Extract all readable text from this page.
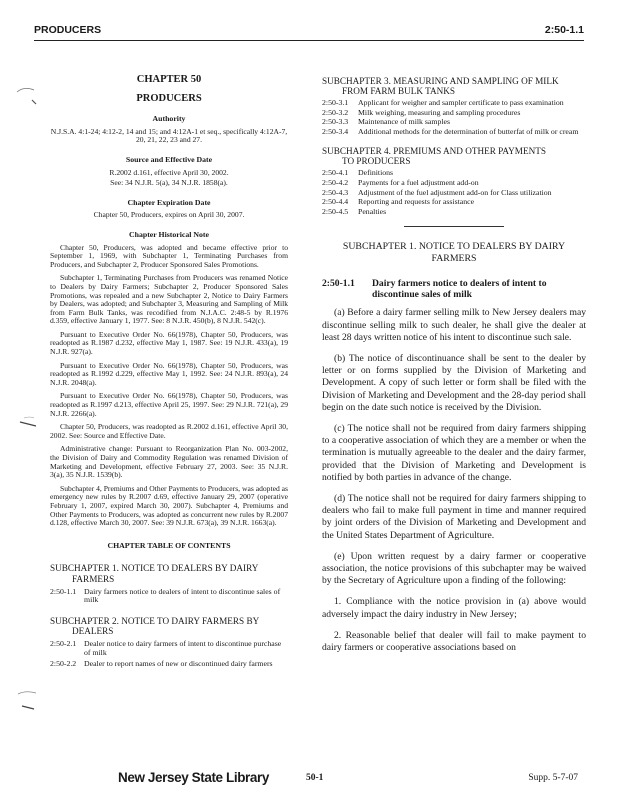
PRODUCERS	2:50-1.1
CHAPTER 50
PRODUCERS
Authority
N.J.S.A. 4:1-24; 4:12-2, 14 and 15; and 4:12A-1 et seq., specifically 4:12A-7, 20, 21, 22, 23 and 27.
Source and Effective Date
R.2002 d.161, effective April 30, 2002.
See: 34 N.J.R. 5(a), 34 N.J.R. 1858(a).
Chapter Expiration Date
Chapter 50, Producers, expires on April 30, 2007.
Chapter Historical Note

Chapter 50, Producers, was adopted and became effective prior to September 1, 1969, with Subchapter 1, Terminating Purchases from Producers, and Subchapter 2, Producer Sponsored Sales Promotions.

Subchapter 1, Terminating Purchases from Producers was renamed Notice to Dealers by Dairy Farmers; Subchapter 2, Producer Sponsored Sales Promotions, was repealed and a new Subchapter 2, Notice to Dairy Farmers by Dealers, was adopted; and Subchapter 3, Measuring and Sampling of Milk from Farm Bulk Tanks, was recodified from N.J.A.C. 2:48-5 by R.1976 d.359, effective January 1, 1977. See: 8 N.J.R. 450(b), 8 N.J.R. 542(c).

Pursuant to Executive Order No. 66(1978), Chapter 50, Producers, was readopted as R.1987 d.232, effective May 1, 1987. See: 19 N.J.R. 433(a), 19 N.J.R. 927(a).

Pursuant to Executive Order No. 66(1978), Chapter 50, Producers, was readopted as R.1992 d.229, effective May 1, 1992. See: 24 N.J.R. 893(a), 24 N.J.R. 2048(a).

Pursuant to Executive Order No. 66(1978), Chapter 50, Producers, was readopted as R.1997 d.213, effective April 25, 1997. See: 29 N.J.R. 721(a), 29 N.J.R. 2266(a).

Chapter 50, Producers, was readopted as R.2002 d.161, effective April 30, 2002. See: Source and Effective Date.

Administrative change: Pursuant to Reorganization Plan No. 003-2002, the Division of Dairy and Commodity Regulation was renamed Division of Marketing and Development, effective February 27, 2003. See: 35 N.J.R. 3(a), 35 N.J.R. 1539(b).

Subchapter 4, Premiums and Other Payments to Producers, was adopted as emergency new rules by R.2007 d.69, effective January 29, 2007 (operative February 1, 2007, expired March 30, 2007). Subchapter 4, Premiums and Other Payments to Producers, was adopted as concurrent new rules by R.2007 d.128, effective March 30, 2007. See: 39 N.J.R. 673(a), 39 N.J.R. 1663(a).

CHAPTER TABLE OF CONTENTS
SUBCHAPTER 1. NOTICE TO DEALERS BY DAIRY
FARMERS
2:50-1.1 Dairy farmers notice to dealers of intent to discontinue sales of milk
SUBCHAPTER 2. NOTICE TO DAIRY FARMERS BY
DEALERS
2:50-2.1 Dealer notice to dairy farmers of intent to discontinue purchase of milk
2:50-2.2 Dealer to report names of new or discontinued dairy farmers
SUBCHAPTER 3. MEASURING AND SAMPLING OF MILK
FROM FARM BULK TANKS
2:50-3.1	Applicant for weigher and sampler certificate to pass examination
2:50-3.2	Milk weighing, measuring and sampling procedures
2:50-3.3	Maintenance of milk samples
2:50-3.4	Additional methods for the determination of butterfat of milk or cream
SUBCHAPTER 4. PREMIUMS AND OTHER PAYMENTS
TO PRODUCERS
2:50-4.1	Definitions
2:50-4.2	Payments for a fuel adjustment add-on
2:50-4.3	Adjustment of the fuel adjustment add-on for Class utilization
2:50-4.4	Reporting and requests for assistance
2:50-4.5	Penalties
SUBCHAPTER 1. NOTICE TO DEALERS BY DAIRY
FARMERS
2:50-1.1	Dairy farmers notice to dealers of intent to discontinue sales of milk

(a) Before a dairy farmer selling milk to New Jersey dealers may discontinue selling milk to such dealer, he shall give the dealer at least 28 days written notice of his intent to discontinue such sale.

(b) The notice of discontinuance shall be sent to the dealer by letter or on forms supplied by the Division of Marketing and Development. A copy of such letter or form shall be filed with the Division of Marketing and Development and the 28-day period shall begin on the date such notice is received by the Division.

(c) The notice shall not be required from dairy farmers shipping to a cooperative association of which they are a member or when the termination is mutually agreeable to the dealer and the dairy farmer, provided that the Division of Marketing and Development is notified by both parties in advance of the change.

(d) The notice shall not be required for dairy farmers shipping to dealers who fail to make full payment in time and manner required by joint orders of the Division of Marketing and Development and the United States Department of Agriculture.

(e) Upon written request by a dairy farmer or cooperative association, the notice provisions of this subchapter may be waived by the Secretary of Agriculture upon a finding of the following:

1. Compliance with the notice provision in (a) above would adversely impact the dairy industry in New Jersey;

2. Reasonable belief that dealer will fail to make payment to dairy farmers or cooperative associations based on

New Jersey State Library	50-1	Supp. 5-7-07
